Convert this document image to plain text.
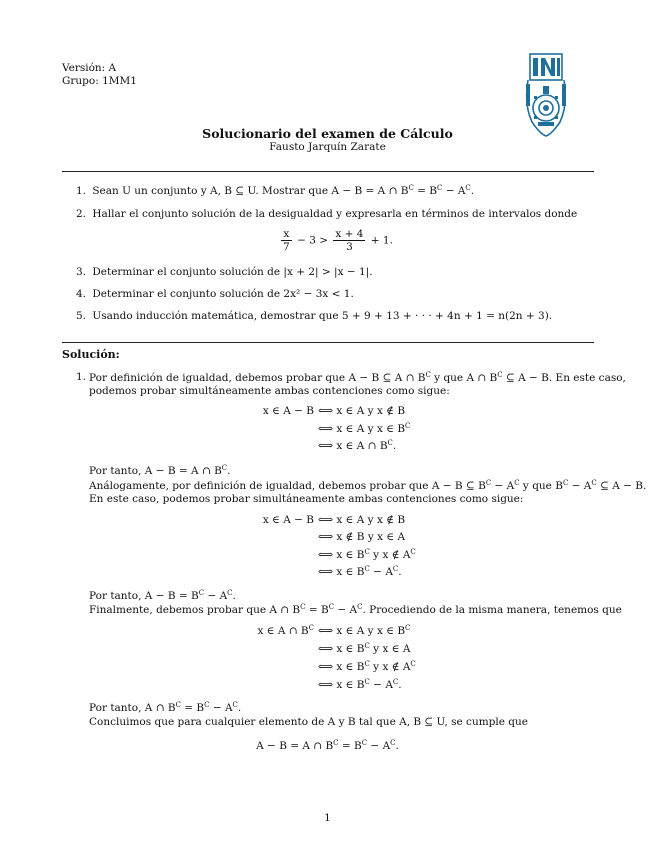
Versión: A
Grupo: 1MM1
Solucionario del examen de Cálculo
Fausto Jarquín Zarate
1. Sean U un conjunto y A, B ⊆ U. Mostrar que A − B = A ∩ $B^C = B^C - A^C$.
2. Hallar el conjunto solución de la desigualdad y expresarla en términos de intervalos donde
$\frac{x}{7} - 3 > \frac{x + 4}{3} + 1$.
3. Determinar el conjunto solución de |x + 2| > |x − 1|.
4. Determinar el conjunto solución de 2x² − 3x < 1.
5. Usando inducción matemática, demostrar que 5 + 9 + 13 + · · · + 4n + 1 = n(2n + 3).
Solución:
1. Por definición de igualdad, debemos probar que A − B ⊆ A ∩ $B^C$ y que A ∩ $B^C$ ⊆ A − B. En este caso,
podemos probar simultáneamente ambas contenciones como sigue:
x ∈ A − B ⟺ x ∈ A y x ∉ B
⟺ x ∈ A y x ∈ $B^C$
⟺ x ∈ A ∩ $B^C$.
Por tanto, A − B = A ∩ $B^C$.
Análogamente, por definición de igualdad, debemos probar que A − B ⊆ $B^C - A^C$ y que $B^C - A^C$ ⊆ A − B.
En este caso, podemos probar simultáneamente ambas contenciones como sigue:
x ∈ A − B ⟺ x ∈ A y x ∉ B
⟺ x ∉ B y x ∈ A
⟺ x ∈ $B^C$ y x ∉ $A^C$
⟺ x ∈ $B^C - A^C$.
Por tanto, $A - B = B^C - A^C$.
Finalmente, debemos probar que A ∩ $B^C = B^C - A^C$. Procediendo de la misma manera, tenemos que
x ∈ A ∩ $B^C$ ⟺ x ∈ A y x ∈ $B^C$
⟺ x ∈ $B^C$ y x ∈ A
⟺ x ∈ $B^C$ y x ∉ $A^C$
⟺ x ∈ $B^C - A^C$.
Por tanto, A ∩ $B^C = B^C - A^C$.
Concluimos que para cualquier elemento de A y B tal que A, B ⊆ U, se cumple que
A − B = A ∩ $B^C = B^C - A^C$.
1
